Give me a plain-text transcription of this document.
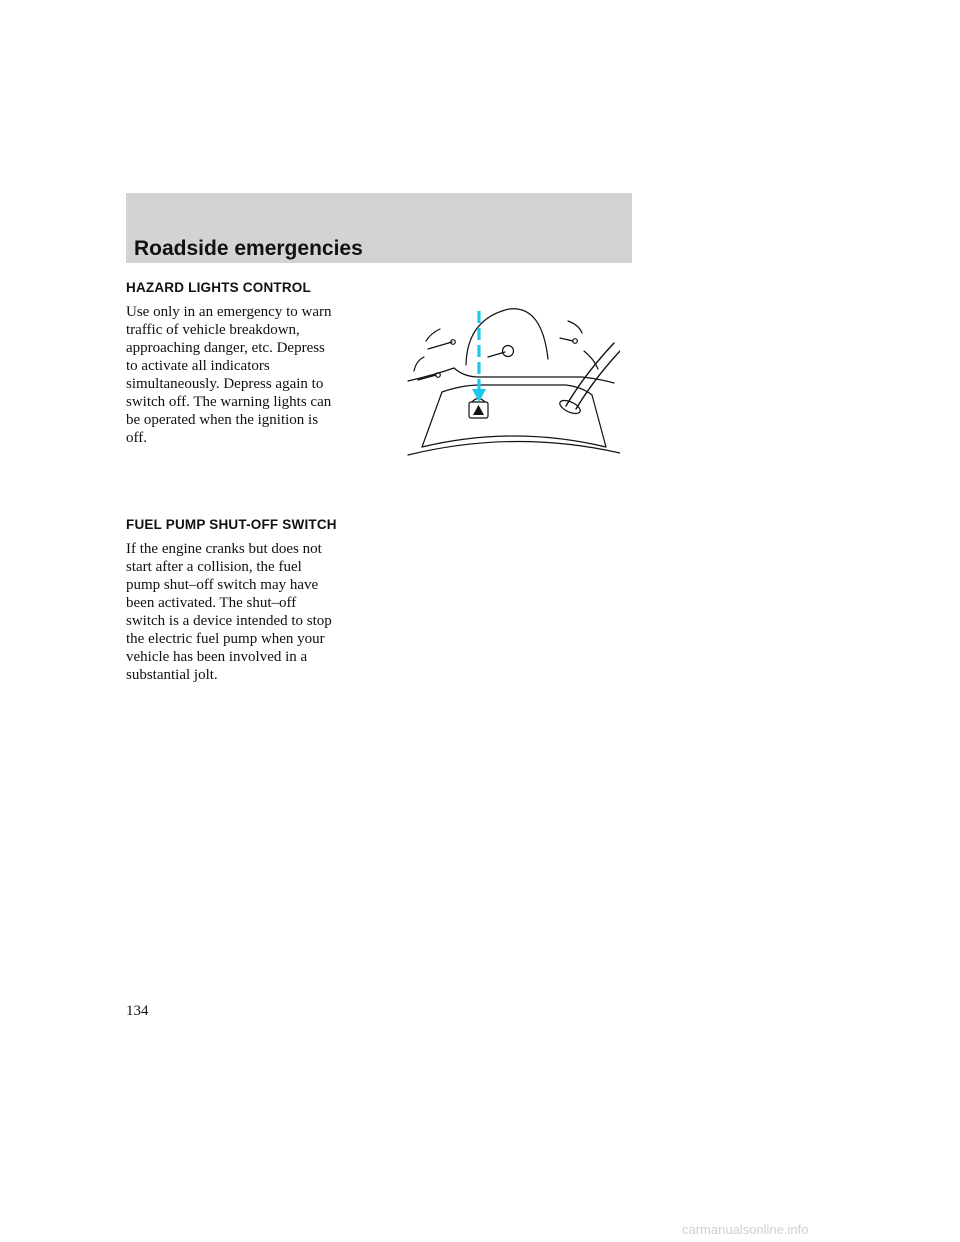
Roadside emergencies
HAZARD LIGHTS CONTROL
Use only in an emergency to warn
traffic of vehicle breakdown,
approaching danger, etc. Depress
to activate all indicators
simultaneously. Depress again to
switch off. The warning lights can
be operated when the ignition is
off.
FUEL PUMP SHUT-OFF SWITCH
If the engine cranks but does not
start after a collision, the fuel
pump shut–off switch may have
been activated. The shut–off
switch is a device intended to stop
the electric fuel pump when your
vehicle has been involved in a
substantial jolt.
134
carmanualsonline.info
